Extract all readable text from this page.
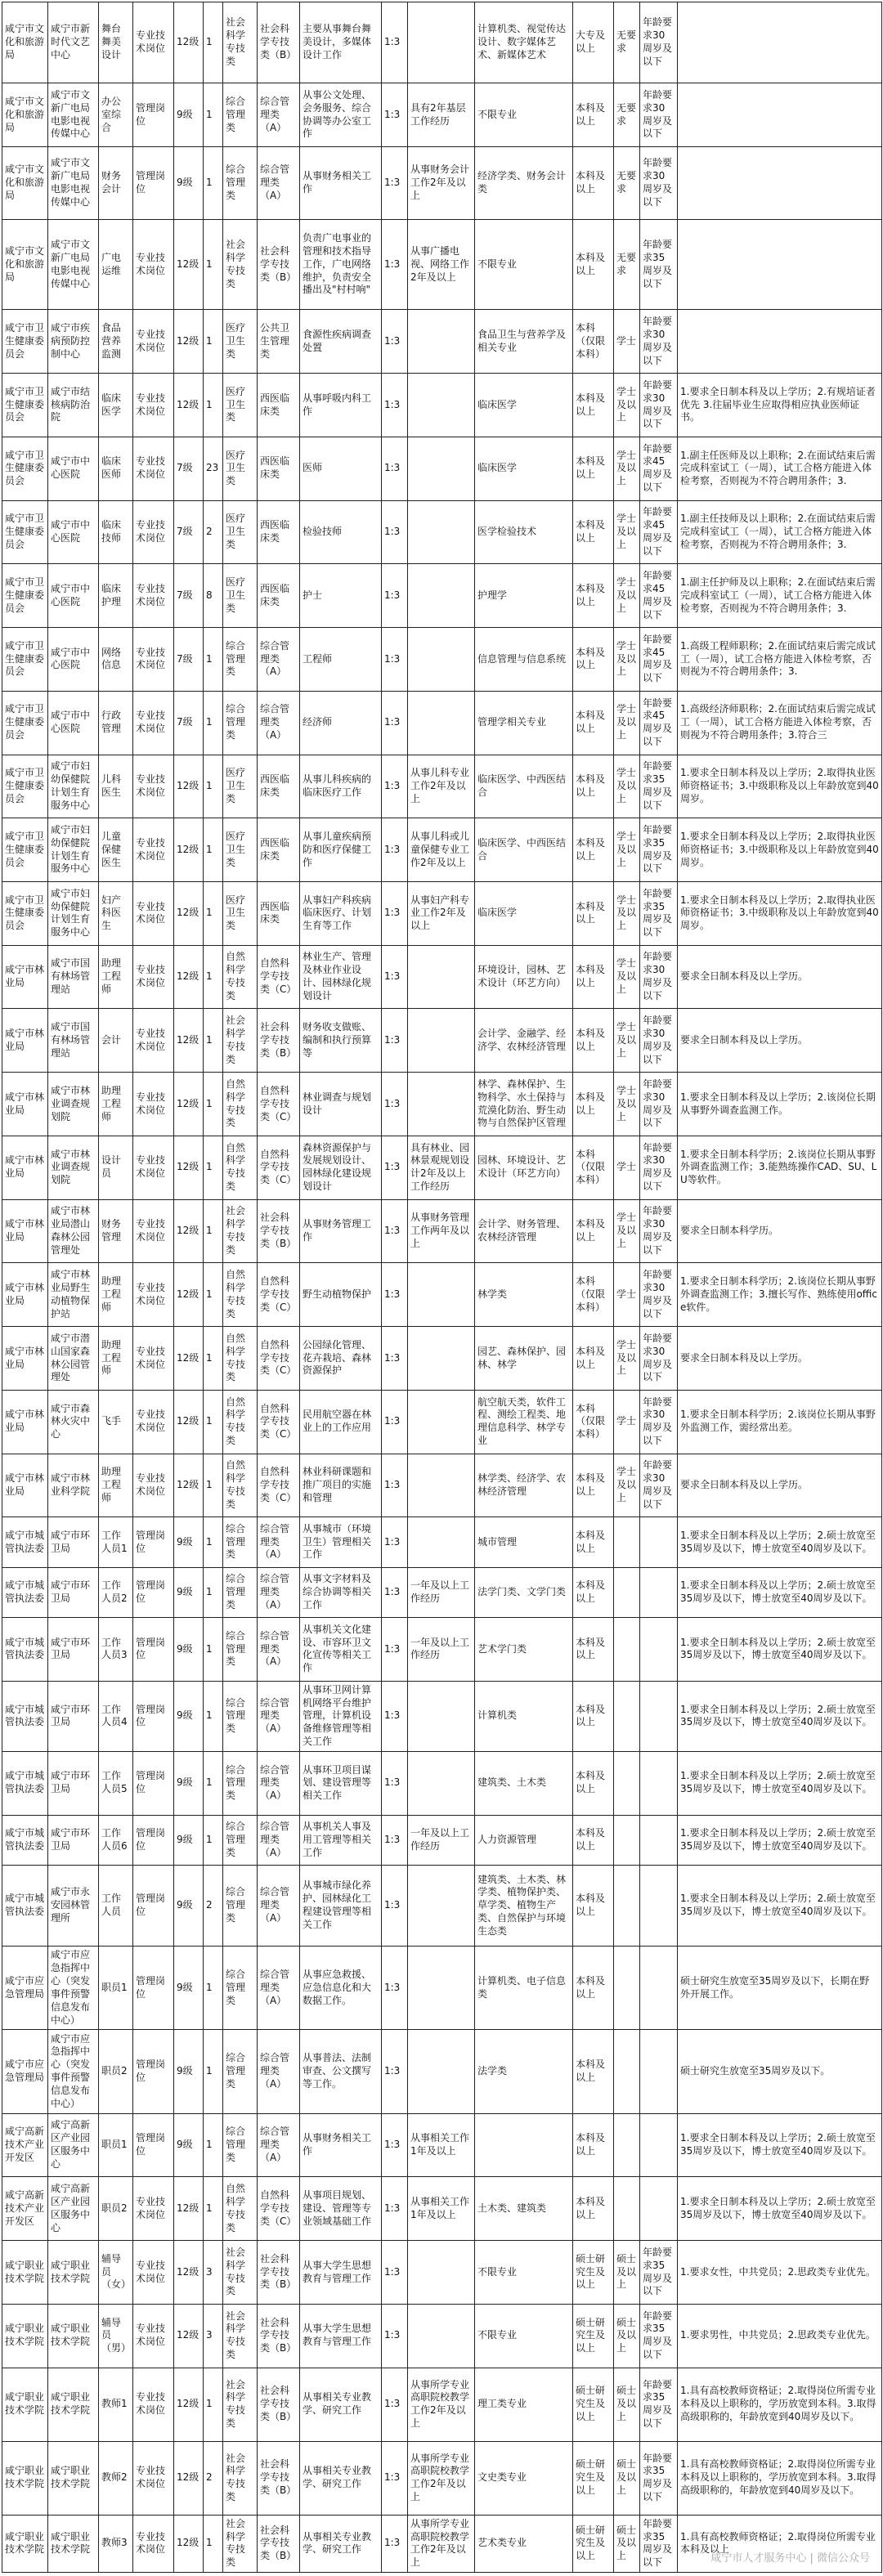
咸宁市文化和旅游局	咸宁市新时代文艺中心	舞台舞美设计	专业技术岗位	12级	1	社会科学专技类	社会科学专技类（B）	主要从事舞台舞美设计，多媒体设计工作	1:3		计算机类、视觉传达设计、数字媒体艺术、新媒体艺术	大专及以上	无要求	年龄要求30周岁及以下	
咸宁市文化和旅游局	咸宁市文新广电局电影电视传媒中心	办公室综合	管理岗位	9级	1	综合管理类	综合管理类（A）	从事公文处理、会务服务、综合协调等办公室工作	1:3	具有2年基层工作经历	不限专业	本科及以上	无要求	年龄要求30周岁及以下	
咸宁市文化和旅游局	咸宁市文新广电局电影电视传媒中心	财务会计	管理岗位	9级	1	综合管理类	综合管理类（A）	从事财务相关工作	1:3	从事财务会计工作2年及以上	经济学类、财务会计类	本科及以上	无要求	年龄要求30周岁及以下	
咸宁市文化和旅游局	咸宁市文新广电局电影电视传媒中心	广电运维	专业技术岗位	12级	1	社会科学专技类	社会科学专技类（B）	负责广电事业的管理和技术指导工作，广电网络维护，负责安全播出及"村村响"	1:3	从事广播电视、网络工作2年及以上	不限专业	本科及以上	无要求	年龄要求35周岁及以下	
咸宁市卫生健康委员会	咸宁市疾病预防控制中心	食品营养监测	专业技术岗位	12级	1	医疗卫生类	公共卫生管理类	食源性疾病调查处置	1:3		食品卫生与营养学及相关专业	本科（仅限本科）	学士	年龄要求30周岁及以下	
咸宁市卫生健康委员会	咸宁市结核病防治院	临床医学	专业技术岗位	12级	1	医疗卫生类	西医临床类	从事呼吸内科工作	1:3		临床医学	本科及以上	学士及以上	年龄要求30周岁及以下	1.要求全日制本科及以上学历；2.有规培证者优先 3.往届毕业生应取得相应执业医师证书。
咸宁市卫生健康委员会	咸宁市中心医院	临床医师	专业技术岗位	7级	23	医疗卫生类	西医临床类	医师	1:3		临床医学	本科及以上	学士及以上	年龄要求45周岁及以下	1.副主任医师及以上职称；2.在面试结束后需完成科室试工（一周），试工合格方能进入体检考察，否则视为不符合聘用条件；3.
咸宁市卫生健康委员会	咸宁市中心医院	临床技师	专业技术岗位	7级	2	医疗卫生类	西医临床类	检验技师	1:3		医学检验技术	本科及以上	学士及以上	年龄要求45周岁及以下	1.副主任技师及以上职称；2.在面试结束后需完成科室试工（一周），试工合格方能进入体检考察，否则视为不符合聘用条件；3.
咸宁市卫生健康委员会	咸宁市中心医院	临床护理	专业技术岗位	7级	8	医疗卫生类	西医临床类	护士	1:3		护理学	本科及以上	学士及以上	年龄要求45周岁及以下	1.副主任护师及以上职称；2.在面试结束后需完成科室试工（一周），试工合格方能进入体检考察，否则视为不符合聘用条件；3.
咸宁市卫生健康委员会	咸宁市中心医院	网络信息	专业技术岗位	7级	1	综合管理类	综合管理类（A）	工程师	1:3		信息管理与信息系统	本科及以上	学士及以上	年龄要求45周岁及以下	1.高级工程师职称；2.在面试结束后需完成试工（一周），试工合格方能进入体检考察，否则视为不符合聘用条件；3.
咸宁市卫生健康委员会	咸宁市中心医院	行政管理	专业技术岗位	7级	1	综合管理类	综合管理类（A）	经济师	1:3		管理学相关专业	本科及以上	学士及以上	年龄要求45周岁及以下	1.高级经济师职称；2.在面试结束后需完成试工（一周），试工合格方能进入体检考察，否则视为不符合聘用条件；3.符合三
咸宁市卫生健康委员会	咸宁市妇幼保健院计划生育服务中心	儿科医生	专业技术岗位	12级	1	医疗卫生类	西医临床类	从事儿科疾病的临床医疗工作	1:3	从事儿科专业工作2年及以上	临床医学、中西医结合	本科及以上	学士及以上	年龄要求35周岁及以下	1.要求全日制本科及以上学历；2.取得执业医师资格证书；3.中级职称及以上年龄放宽到40周岁。
咸宁市卫生健康委员会	咸宁市妇幼保健院计划生育服务中心	儿童保健医生	专业技术岗位	12级	1	医疗卫生类	西医临床类	从事儿童疾病预防和医疗保健工作	1:3	从事儿科或儿童保健专业工作2年及以上	临床医学、中西医结合	本科及以上	学士及以上	年龄要求35周岁及以下	1.要求全日制本科及以上学历；2.取得执业医师资格证书；3.中级职称及以上年龄放宽到40周岁。
咸宁市卫生健康委员会	咸宁市妇幼保健院计划生育服务中心	妇产科医生	专业技术岗位	12级	1	医疗卫生类	西医临床类	从事妇产科疾病临床医疗、计划生育等工作	1:3	从事妇产科专业工作2年及以上	临床医学	本科及以上	学士及以上	年龄要求35周岁及以下	1.要求全日制本科及以上学历；2.取得执业医师资格证书；3.中级职称及以上年龄放宽到40周岁。
咸宁市林业局	咸宁市国有林场管理站	助理工程师	专业技术岗位	12级	1	自然科学专技类	自然科学专技类（C）	林业生产、管理及林业作业设计、园林绿化规划设计	1:3		环境设计，园林、艺术设计（环艺方向）	本科及以上	学士及以上	年龄要求30周岁及以下	要求全日制本科及以上学历。
咸宁市林业局	咸宁市国有林场管理站	会计	专业技术岗位	12级	1	社会科学专技类	社会科学专技类（B）	财务收支做账、编制和执行预算等	1:3		会计学、金融学、经济学、农林经济管理	本科及以上	学士及以上	年龄要求30周岁及以下	要求全日制本科及以上学历。
咸宁市林业局	咸宁市林业调查规划院	助理工程师	专业技术岗位	12级	1	自然科学专技类	自然科学专技类（C）	林业调查与规划设计	1:3		林学、森林保护、生物科学、水土保持与荒漠化防治、野生动物与自然保护区管理	本科及以上	学士及以上	年龄要求30周岁及以下	1.要求全日制本科及以上学历；2.该岗位长期从事野外调查监测工作。
咸宁市林业局	咸宁市林业调查规划院	设计员	专业技术岗位	12级	1	自然科学专技类	自然科学专技类（C）	森林资源保护与发展规划设计、园林绿化建设规划设计	1:3	具有林业、园林景观规划设计2年及以上工作经历	园林、环境设计、艺术设计（环艺方向）	本科（仅限本科）	学士	年龄要求30周岁及以下	1.要求全日制本科学历；2.该岗位长期从事野外调查监测工作；3.能熟练操作CAD、SU、LU等软件。
咸宁市林业局	咸宁市林业局潜山森林公园管理处	财务管理	专业技术岗位	12级	1	社会科学专技类	社会科学专技类（B）	从事财务管理工作	1:3	从事财务管理工作两年及以上	会计学、财务管理、农林经济管理	本科及以上	学士及以上	年龄要求30周岁及以下	要求全日制本科学历。
咸宁市林业局	咸宁市林业局野生动植物保护站	助理工程师	专业技术岗位	12级	1	自然科学专技类	自然科学专技类（C）	野生动植物保护	1:3		林学类	本科（仅限本科）	学士	年龄要求30周岁及以下	1.要求全日制本科学历；2.该岗位长期从事野外调查监测工作；3.擅长写作、熟练使用office软件。
咸宁市林业局	咸宁市潜山国家森林公园管理处	助理工程师	专业技术岗位	12级	1	自然科学专技类	自然科学专技类（C）	公园绿化管理、花卉栽培、森林资源保护	1:3		园艺、森林保护、园林、林学	本科及以上	学士及以上	年龄要求30周岁及以下	要求全日制本科及以上学历。
咸宁市林业局	咸宁市森林火灾中心	飞手	专业技术岗位	12级	1	自然科学专技类	自然科学专技类（C）	民用航空器在林业上的工作应用	1:3		航空航天类，软件工程、测绘工程类、地理信息科学、林学专业	本科（仅限本科）	学士	年龄要求30周岁及以下	1.要求全日制本科学历；2.该岗位长期从事野外监测工作，需经常出差。
咸宁市林业局	咸宁市林业科学院	助理工程师	专业技术岗位	12级	1	自然科学专技类	自然科学专技类（C）	林业科研课题和推广项目的实施和管理	1:3		林学类、经济学、农林经济管理	本科及以上	学士及以上	年龄要求30周岁及以下	要求全日制本科及以上学历。
咸宁市城管执法委	咸宁市环卫局	工作人员1	管理岗位	9级	1	综合管理类	综合管理类（A）	从事城市（环境卫生）管理相关工作	1:3		城市管理	本科及以上			1.要求全日制本科及以上学历；2.硕士放宽至35周岁及以下，博士放宽至40周岁及以下。
咸宁市城管执法委	咸宁市环卫局	工作人员2	管理岗位	9级	1	综合管理类	综合管理类（A）	从事文字材料及综合协调等相关工作	1:3	一年及以上工作经历	法学门类、文学门类	本科及以上			1.要求全日制本科及以上学历；2.硕士放宽至35周岁及以下，博士放宽至40周岁及以下。
咸宁市城管执法委	咸宁市环卫局	工作人员3	管理岗位	9级	1	综合管理类	综合管理类（A）	从事机关文化建设、市容环卫文化宣传等相关工作	1:3	一年及以上工作经历	艺术学门类	本科及以上			1.要求全日制本科及以上学历；2.硕士放宽至35周岁及以下，博士放宽至40周岁及以下。
咸宁市城管执法委	咸宁市环卫局	工作人员4	管理岗位	9级	1	综合管理类	综合管理类（A）	从事环卫网计算机网络平台维护管理，计算机设备维修管理等相关工作	1:3		计算机类	本科及以上			1.要求全日制本科及以上学历；2.硕士放宽至35周岁及以下，博士放宽至40周岁及以下。
咸宁市城管执法委	咸宁市环卫局	工作人员5	管理岗位	9级	1	综合管理类	综合管理类（A）	从事环卫项目谋划、建设管理等相关工作	1:3		建筑类、土木类	本科及以上			1.要求全日制本科及以上学历；2.硕士放宽至35周岁及以下，博士放宽至40周岁及以下。
咸宁市城管执法委	咸宁市环卫局	工作人员6	管理岗位	9级	1	综合管理类	综合管理类（A）	从事机关人事及用工管理等相关工作	1:3	一年及以上工作经历	人力资源管理	本科及以上			1.要求全日制本科及以上学历；2.硕士放宽至35周岁及以下，博士放宽至40周岁及以下。
咸宁市城管执法委	咸宁市永安园林管理所	工作人员	管理岗位	9级	2	综合管理类	综合管理类（A）	从事城市绿化养护、园林绿化工程建设管理等相关工作	1:3		建筑类、土木类、林学类、植物保护类、草学类、植物生产类、自然保护与环境生态类	本科及以上			1.要求全日制本科及以上学历；2.硕士放宽至35周岁及以下，博士放宽至40周岁及以下。
咸宁市应急管理局	咸宁市应急指挥中心（突发事件预警信息发布中心）	职员1	管理岗位	9级	1	综合管理类	综合管理类（A）	从事应急救援、应急信息化和大数据工作。	1:3		计算机类、电子信息类	本科及以上			硕士研究生放宽至35周岁及以下，长期在野外开展工作。
咸宁市应急管理局	咸宁市应急指挥中心（突发事件预警信息发布中心）	职员2	管理岗位	9级	1	综合管理类	综合管理类（A）	从事普法、法制审查、公文撰写等工作。	1:3		法学类	本科及以上			硕士研究生放宽至35周岁及以下。
咸宁高新技术产业开发区	咸宁高新区产业园区服务中心	职员1	管理岗位	9级	1	综合管理类	综合管理类（A）	从事财务相关工作	1:3	从事相关工作1年及以上		本科及以上			1.要求全日制本科及以上学历；2.硕士放宽至35周岁及以下，博士放宽至40周岁及以下。
咸宁高新技术产业开发区	咸宁高新区产业园区服务中心	职员2	专业技术岗位	12级	1	自然科学专技类	自然科学专技类（C）	从事项目规划、建设、管理等专业领域基础工作	1:3	从事相关工作1年及以上	土木类、建筑类	本科及以上			1.要求全日制本科及以上学历；2.硕士放宽至35周岁及以下，博士放宽至40周岁及以下。
咸宁职业技术学院	咸宁职业技术学院	辅导员（女）	专业技术岗位	12级	3	社会科学专技类	社会科学专技类（B）	从事大学生思想教育与管理工作	1:3		不限专业	硕士研究生及以上	硕士及以上	年龄要求35周岁及以下	1.要求女性，中共党员；2.思政类专业优先。
咸宁职业技术学院	咸宁职业技术学院	辅导员（男）	专业技术岗位	12级	3	社会科学专技类	社会科学专技类（B）	从事大学生思想教育与管理工作	1:3		不限专业	硕士研究生及以上	硕士及以上	年龄要求35周岁及以下	1.要求男性，中共党员；2.思政类专业优先。
咸宁职业技术学院	咸宁职业技术学院	教师1	专业技术岗位	12级	1	社会科学专技类	社会科学专技类（B）	从事相关专业教学、研究工作	1:3	从事所学专业高职院校教学工作2年及以上	理工类专业	硕士研究生及以上	硕士及以上	年龄要求35周岁及以下	1.具有高校教师资格证；2.取得岗位所需专业本科及以上职称的，学历放宽到本科。3.取得高级职称的，年龄放宽到40周岁及以下。
咸宁职业技术学院	咸宁职业技术学院	教师2	专业技术岗位	12级	2	社会科学专技类	社会科学专技类（B）	从事相关专业教学、研究工作	1:3	从事所学专业高职院校教学工作2年及以上	文史类专业	硕士研究生及以上	硕士及以上	年龄要求35周岁及以下	1.具有高校教师资格证；2.取得岗位所需专业本科及以上职称的，学历放宽到本科。3.取得高级职称的，年龄放宽到40周岁及以下。
咸宁职业技术学院	咸宁职业技术学院	教师3	专业技术岗位	12级	1	社会科学专技类	社会科学专技类（B）	从事相关专业教学、研究工作	1:3	从事所学专业高职院校教学工作2年及以上	艺术类专业	硕士研究生及以上	硕士及以上	年龄要求35周岁及以下	1.具有高校教师资格证；2.取得岗位所需专业本科及以上
咸宁市人才服务中心 | 微信公众号
